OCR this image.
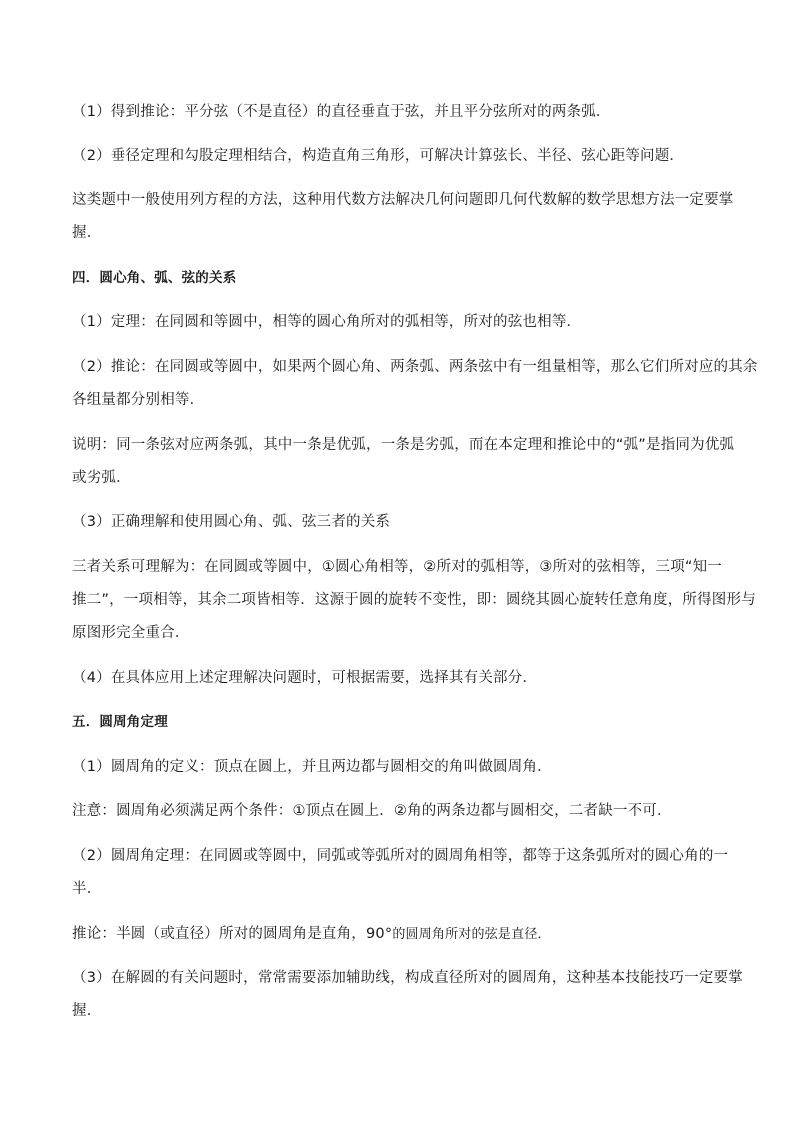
（1）得到推论：平分弦（不是直径）的直径垂直于弦，并且平分弦所对的两条弧．
（2）垂径定理和勾股定理相结合，构造直角三角形，可解决计算弦长、半径、弦心距等问题．
这类题中一般使用列方程的方法，这种用代数方法解决几何问题即几何代数解的数学思想方法一定要掌
握．
四．圆心角、弧、弦的关系
（1）定理：在同圆和等圆中，相等的圆心角所对的弧相等，所对的弦也相等．
（2）推论：在同圆或等圆中，如果两个圆心角、两条弧、两条弦中有一组量相等，那么它们所对应的其余
各组量都分别相等．
说明：同一条弦对应两条弧，其中一条是优弧，一条是劣弧，而在本定理和推论中的“弧”是指同为优弧
或劣弧．
（3）正确理解和使用圆心角、弧、弦三者的关系
三者关系可理解为：在同圆或等圆中，①圆心角相等，②所对的弧相等，③所对的弦相等，三项“知一
推二”，一项相等，其余二项皆相等．这源于圆的旋转不变性，即：圆绕其圆心旋转任意角度，所得图形与
原图形完全重合．
（4）在具体应用上述定理解决问题时，可根据需要，选择其有关部分．
五．圆周角定理
（1）圆周角的定义：顶点在圆上，并且两边都与圆相交的角叫做圆周角．
注意：圆周角必须满足两个条件：①顶点在圆上．②角的两条边都与圆相交，二者缺一不可．
（2）圆周角定理：在同圆或等圆中，同弧或等弧所对的圆周角相等，都等于这条弧所对的圆心角的一
半．
推论：半圆（或直径）所对的圆周角是直角，90°的圆周角所对的弦是直径．
（3）在解圆的有关问题时，常常需要添加辅助线，构成直径所对的圆周角，这种基本技能技巧一定要掌
握．
